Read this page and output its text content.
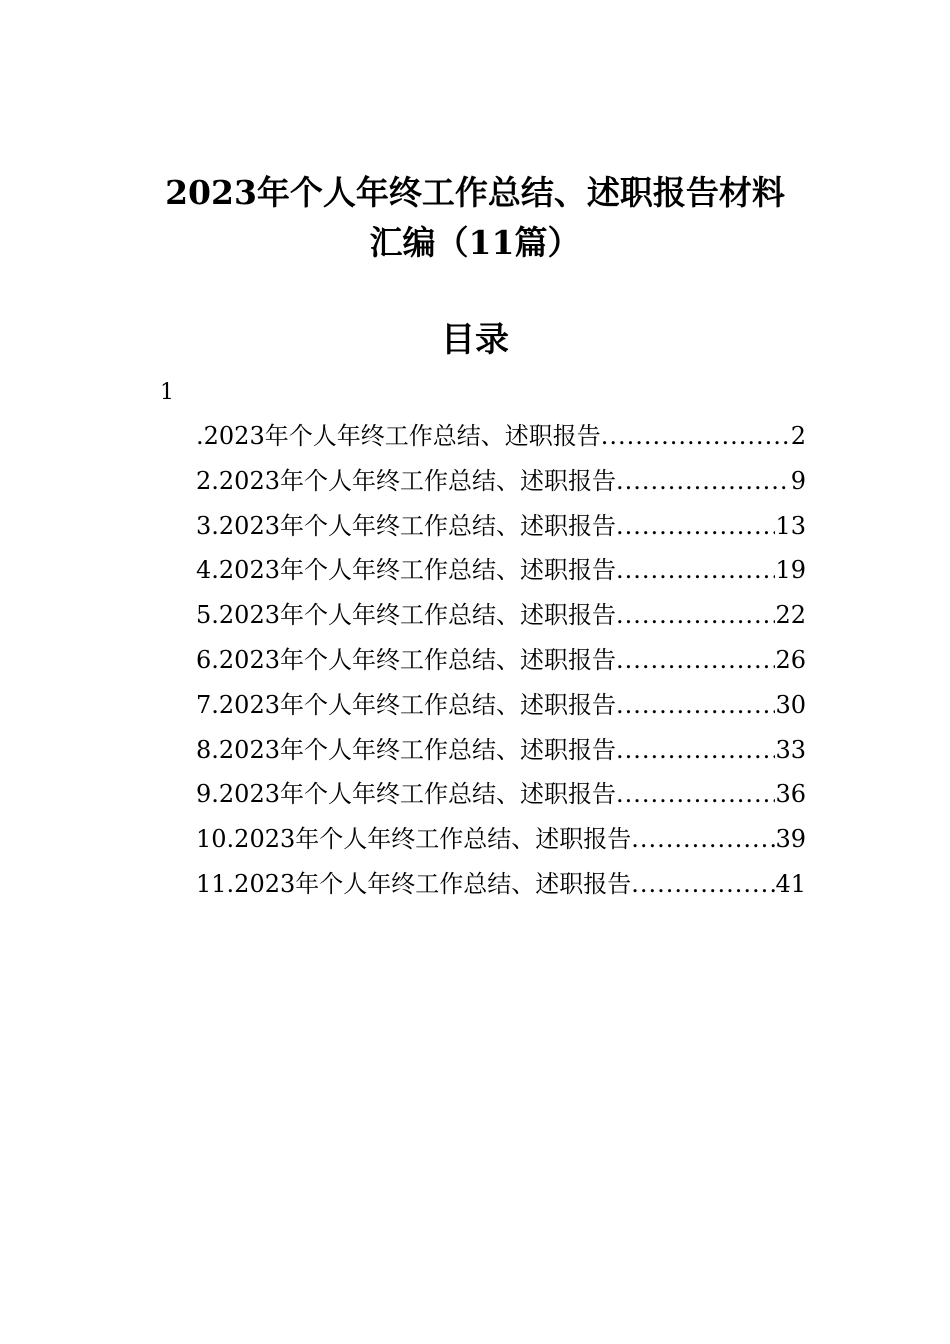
2023年个人年终工作总结、述职报告材料
汇编（11篇）
目录
1
.2023年个人年终工作总结、述职报告 .....	2
2.2023年个人年终工作总结、述职报告 .....	9
3.2023年个人年终工作总结、述职报告 .....	13
4.2023年个人年终工作总结、述职报告 .....	19
5.2023年个人年终工作总结、述职报告 .....	22
6.2023年个人年终工作总结、述职报告 .....	26
7.2023年个人年终工作总结、述职报告 .....	30
8.2023年个人年终工作总结、述职报告 .....	33
9.2023年个人年终工作总结、述职报告 .....	36
10.2023年个人年终工作总结、述职报告 .....	39
11.2023年个人年终工作总结、述职报告 .....	41
